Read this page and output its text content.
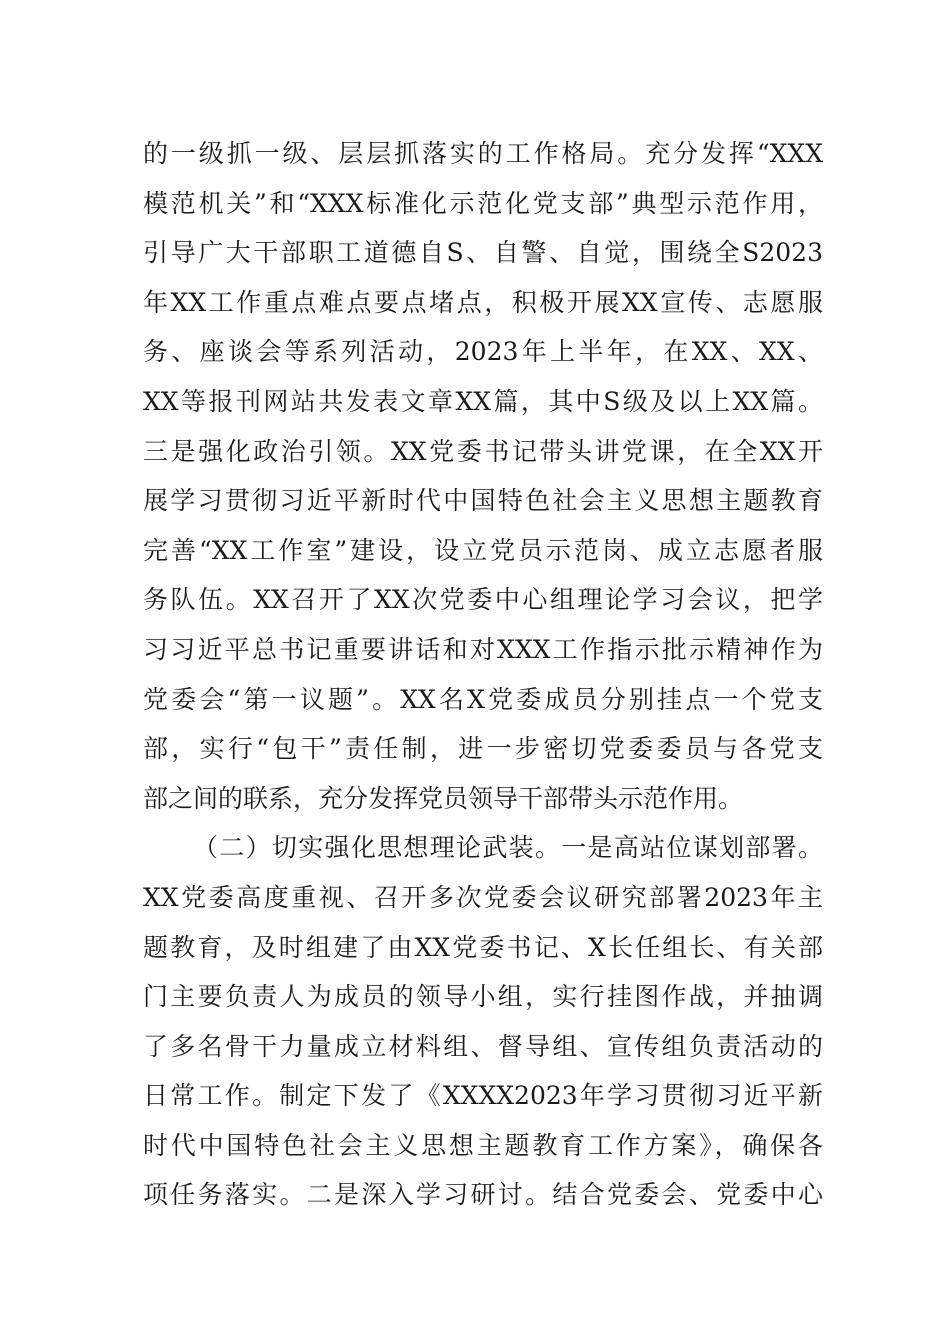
的一级抓一级、层层抓落实的工作格局。充分发挥“XXX
模范机关”和“XXX标准化示范化党支部”典型示范作用，
引导广大干部职工道德自S、自警、自觉，围绕全S2023
年XX工作重点难点要点堵点，积极开展XX宣传、志愿服
务、座谈会等系列活动，2023年上半年，在XX、XX、
XX等报刊网站共发表文章XX篇，其中S级及以上XX篇。
三是强化政治引领。XX党委书记带头讲党课，在全XX开
展学习贯彻习近平新时代中国特色社会主义思想主题教育
完善“XX工作室”建设，设立党员示范岗、成立志愿者服
务队伍。XX召开了XX次党委中心组理论学习会议，把学
习习近平总书记重要讲话和对XXX工作指示批示精神作为
党委会“第一议题”。XX名X党委成员分别挂点一个党支
部，实行“包干”责任制，进一步密切党委委员与各党支
部之间的联系，充分发挥党员领导干部带头示范作用。
（二）切实强化思想理论武装。一是高站位谋划部署。
XX党委高度重视、召开多次党委会议研究部署2023年主
题教育，及时组建了由XX党委书记、X长任组长、有关部
门主要负责人为成员的领导小组，实行挂图作战，并抽调
了多名骨干力量成立材料组、督导组、宣传组负责活动的
日常工作。制定下发了《XXXX2023年学习贯彻习近平新
时代中国特色社会主义思想主题教育工作方案》，确保各
项任务落实。二是深入学习研讨。结合党委会、党委中心
